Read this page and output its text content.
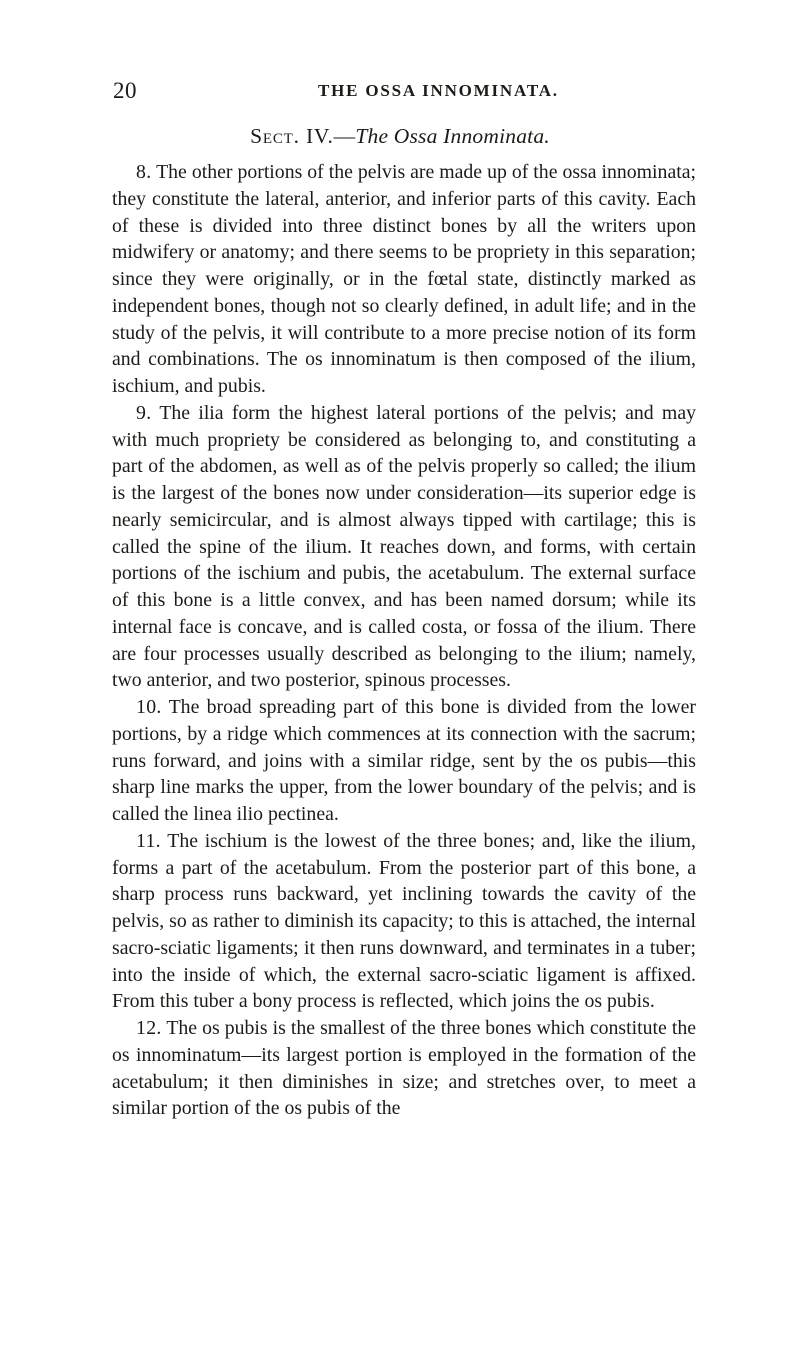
20	THE OSSA INNOMINATA.
Sect. IV.—The Ossa Innominata.

8. The other portions of the pelvis are made up of the ossa innominata; they constitute the lateral, anterior, and inferior parts of this cavity. Each of these is divided into three distinct bones by all the writers upon midwifery or anatomy; and there seems to be propriety in this separation; since they were originally, or in the fœtal state, distinctly marked as independent bones, though not so clearly defined, in adult life; and in the study of the pelvis, it will contribute to a more precise notion of its form and combinations. The os innominatum is then composed of the ilium, ischium, and pubis.

9. The ilia form the highest lateral portions of the pelvis; and may with much propriety be considered as belonging to, and constituting a part of the abdomen, as well as of the pelvis properly so called; the ilium is the largest of the bones now under consideration—its superior edge is nearly semicircular, and is almost always tipped with cartilage; this is called the spine of the ilium. It reaches down, and forms, with certain portions of the ischium and pubis, the acetabulum. The external surface of this bone is a little convex, and has been named dorsum; while its internal face is concave, and is called costa, or fossa of the ilium. There are four processes usually described as belonging to the ilium; namely, two anterior, and two posterior, spinous processes.

10. The broad spreading part of this bone is divided from the lower portions, by a ridge which commences at its connection with the sacrum; runs forward, and joins with a similar ridge, sent by the os pubis—this sharp line marks the upper, from the lower boundary of the pelvis; and is called the linea ilio pectinea.

11. The ischium is the lowest of the three bones; and, like the ilium, forms a part of the acetabulum. From the posterior part of this bone, a sharp process runs backward, yet inclining towards the cavity of the pelvis, so as rather to diminish its capacity; to this is attached, the internal sacro-sciatic ligaments; it then runs downward, and terminates in a tuber; into the inside of which, the external sacro-sciatic ligament is affixed. From this tuber a bony process is reflected, which joins the os pubis.

12. The os pubis is the smallest of the three bones which constitute the os innominatum—its largest portion is employed in the formation of the acetabulum; it then diminishes in size; and stretches over, to meet a similar portion of the os pubis of the
